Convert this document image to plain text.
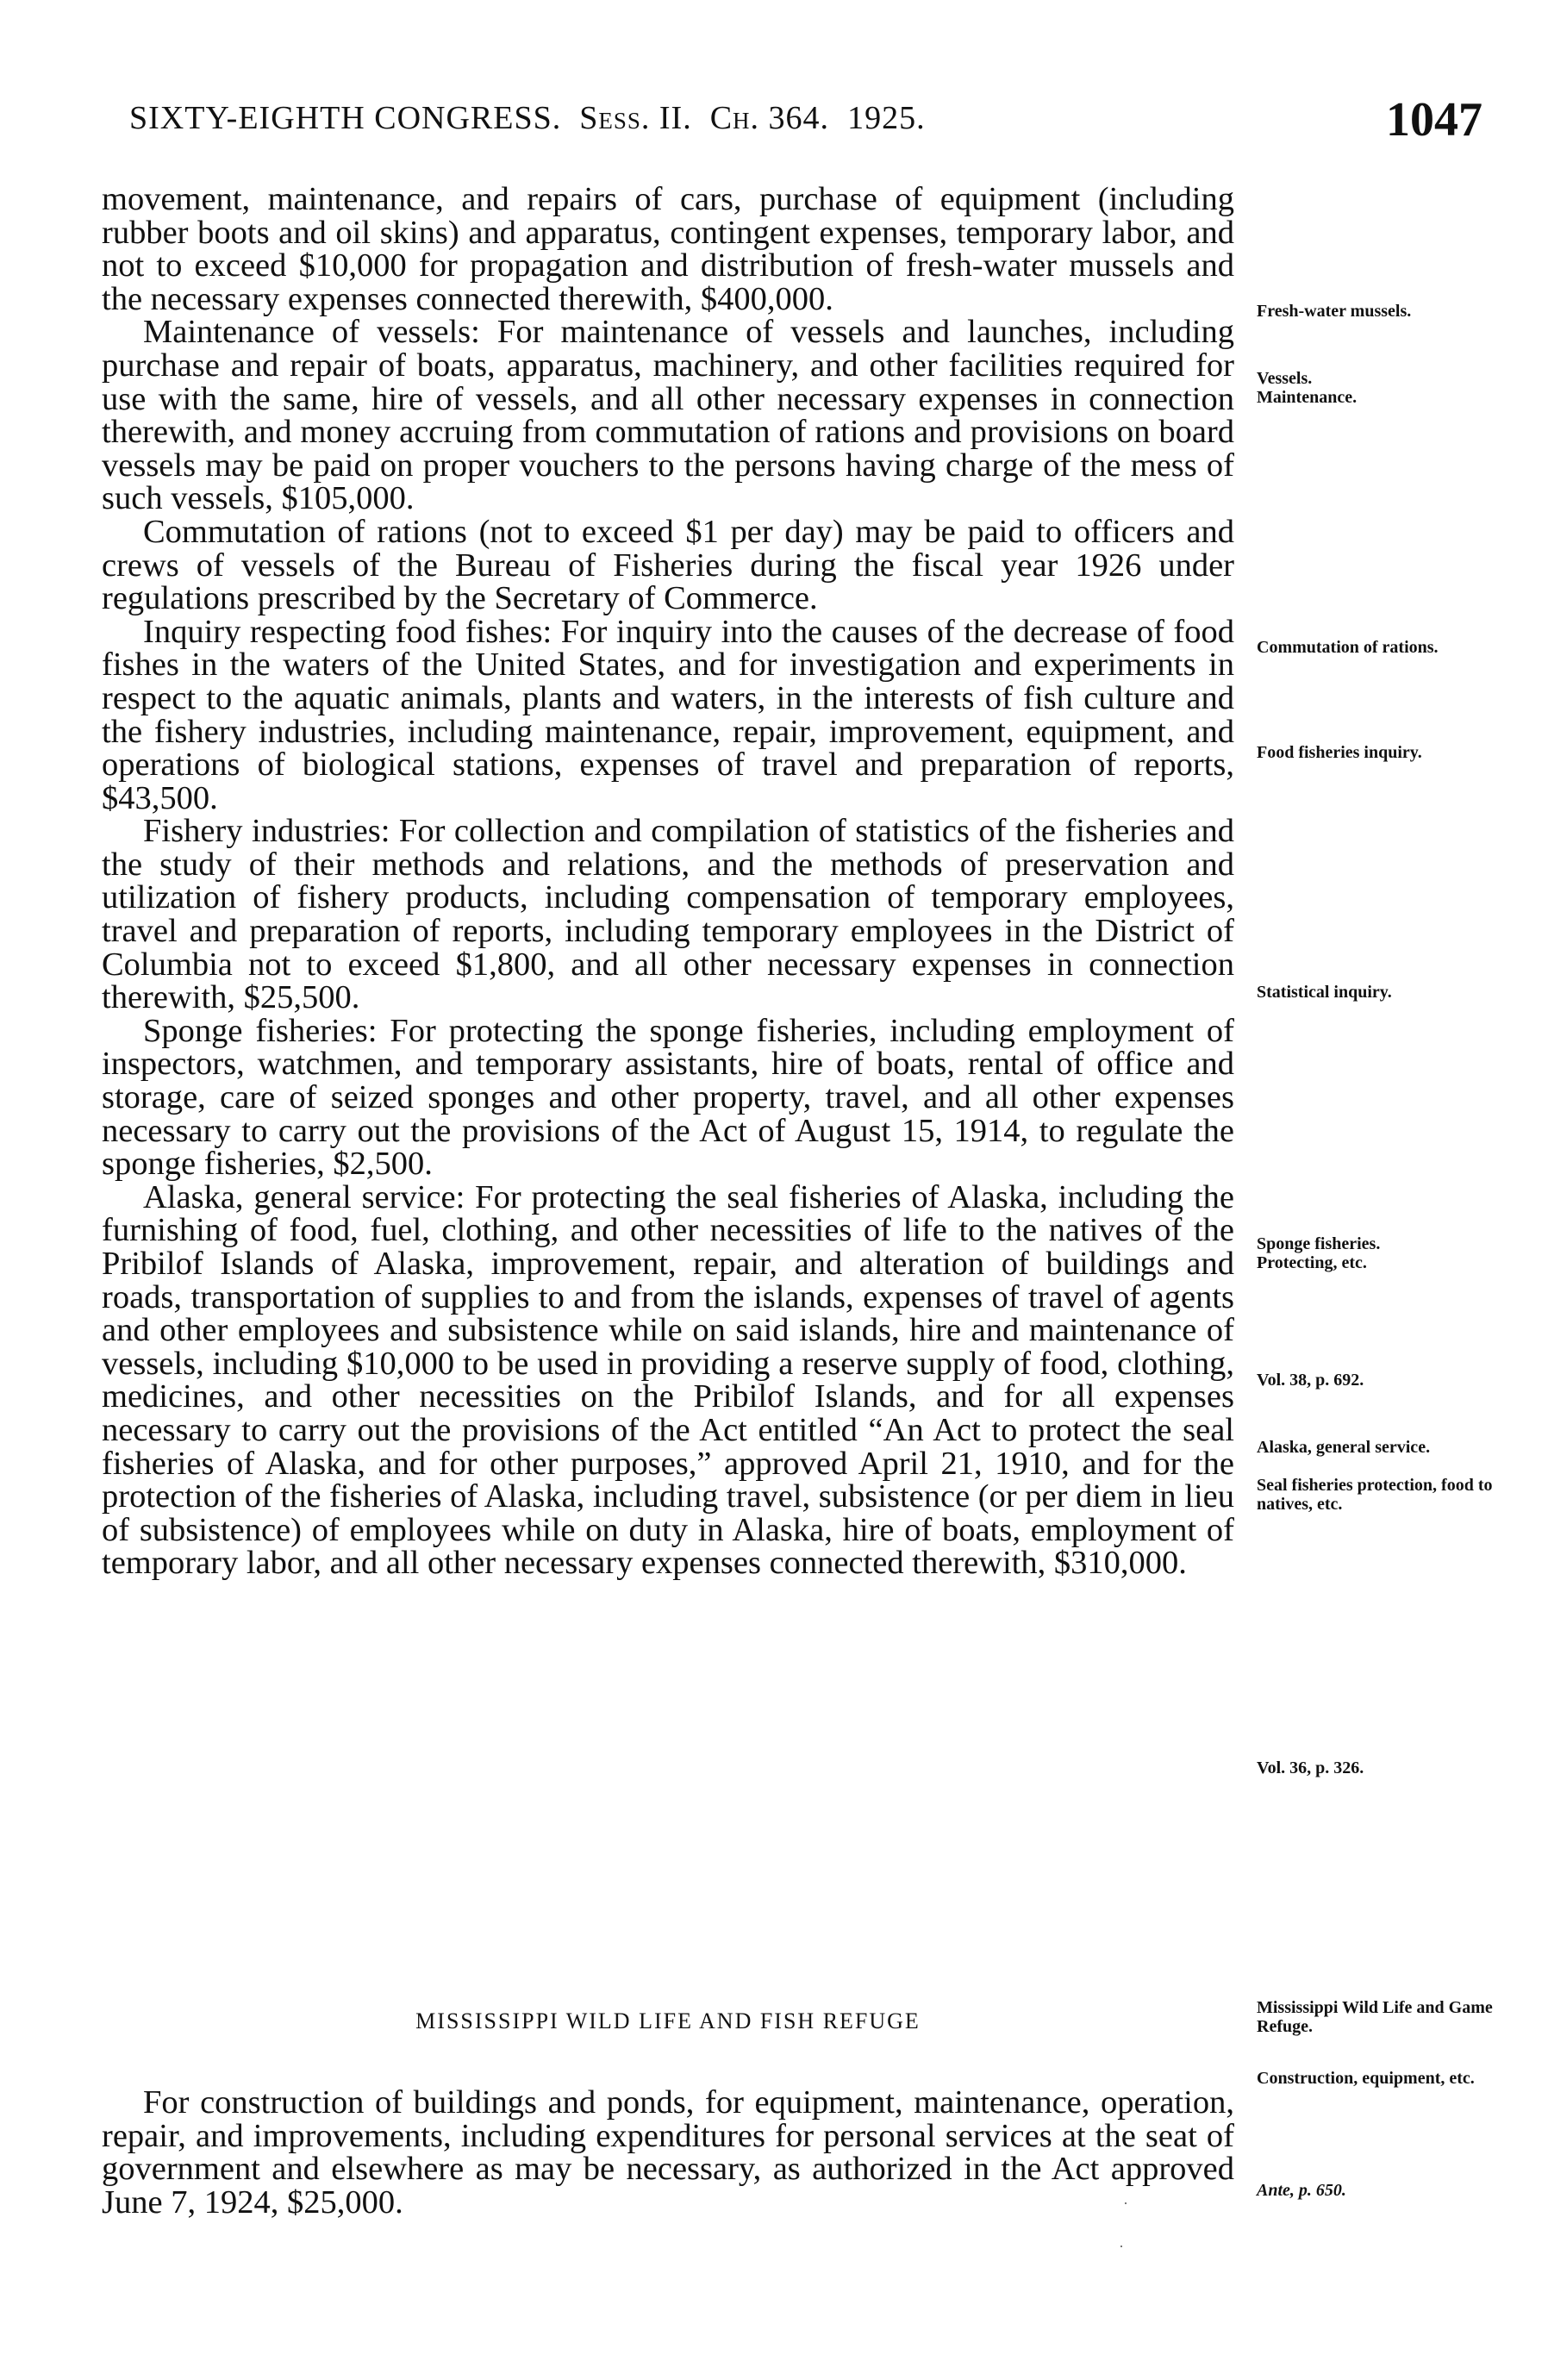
SIXTY-EIGHTH CONGRESS. Sess. II. Ch. 364. 1925.	1047

movement, maintenance, and repairs of cars, purchase of equipment (including rubber boots and oil skins) and apparatus, contingent expenses, temporary labor, and not to exceed $10,000 for propagation and distribution of fresh-water mussels and the necessary expenses connected therewith, $400,000.

Maintenance of vessels: For maintenance of vessels and launches, including purchase and repair of boats, apparatus, machinery, and other facilities required for use with the same, hire of vessels, and all other necessary expenses in connection therewith, and money accruing from commutation of rations and provisions on board vessels may be paid on proper vouchers to the persons having charge of the mess of such vessels, $105,000.

Commutation of rations (not to exceed $1 per day) may be paid to officers and crews of vessels of the Bureau of Fisheries during the fiscal year 1926 under regulations prescribed by the Secretary of Commerce.

Inquiry respecting food fishes: For inquiry into the causes of the decrease of food fishes in the waters of the United States, and for investigation and experiments in respect to the aquatic animals, plants and waters, in the interests of fish culture and the fishery industries, including maintenance, repair, improvement, equipment, and operations of biological stations, expenses of travel and preparation of reports, $43,500.

Fishery industries: For collection and compilation of statistics of the fisheries and the study of their methods and relations, and the methods of preservation and utilization of fishery products, including compensation of temporary employees, travel and preparation of reports, including temporary employees in the District of Columbia not to exceed $1,800, and all other necessary expenses in connection therewith, $25,500.

Sponge fisheries: For protecting the sponge fisheries, including employment of inspectors, watchmen, and temporary assistants, hire of boats, rental of office and storage, care of seized sponges and other property, travel, and all other expenses necessary to carry out the provisions of the Act of August 15, 1914, to regulate the sponge fisheries, $2,500.

Alaska, general service: For protecting the seal fisheries of Alaska, including the furnishing of food, fuel, clothing, and other necessities of life to the natives of the Pribilof Islands of Alaska, improvement, repair, and alteration of buildings and roads, transportation of supplies to and from the islands, expenses of travel of agents and other employees and subsistence while on said islands, hire and maintenance of vessels, including $10,000 to be used in providing a reserve supply of food, clothing, medicines, and other necessities on the Pribilof Islands, and for all expenses necessary to carry out the provisions of the Act entitled “An Act to protect the seal fisheries of Alaska, and for other purposes,” approved April 21, 1910, and for the protection of the fisheries of Alaska, including travel, subsistence (or per diem in lieu of subsistence) of employees while on duty in Alaska, hire of boats, employment of temporary labor, and all other necessary expenses connected therewith, $310,000.

MISSISSIPPI WILD LIFE AND FISH REFUGE

For construction of buildings and ponds, for equipment, maintenance, operation, repair, and improvements, including expenditures for personal services at the seat of government and elsewhere as may be necessary, as authorized in the Act approved June 7, 1924, $25,000.

Fresh-water mussels.
Vessels.
Maintenance.
Commutation of rations.
Food fisheries inquiry.
Statistical inquiry.
Sponge fisheries.
Protecting, etc.
Vol. 38, p. 692.
Alaska, general service.
Seal fisheries protection, food to natives, etc.
Vol. 36, p. 326.
Mississippi Wild Life and Game Refuge.
Construction, equipment, etc.
Ante, p. 650.
